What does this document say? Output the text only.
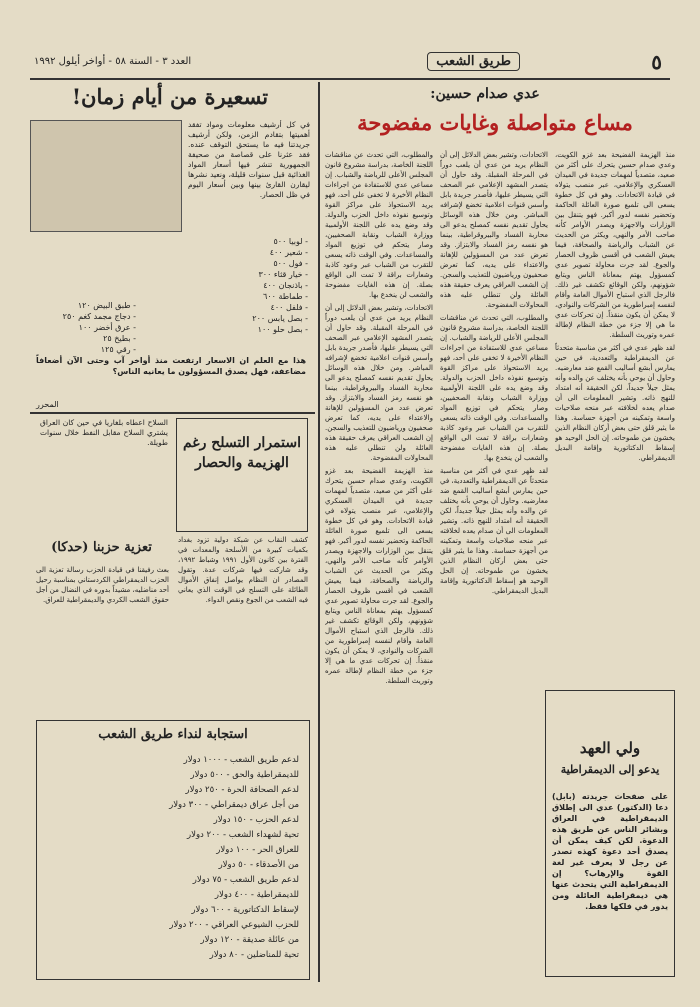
٥
طريق الشعب
العدد ٣ - السنة ٥٨ - أواخر أيلول ١٩٩٢
عدي صدام حسين:
مساع متواصلة وغايات مفضوحة

منذ الهزيمة الفضيحة بعد غزو الكويت، وعدي صدام حسين يتحرك على أكثر من صعيد، متصدياً لمهمات جديدة في الميدان العسكري والإعلامي، عبر منصب يتولاه في قيادة الاتحادات. وهو في كل خطوة يسعى الى تلميع صورة العائلة الحاكمة وتحضير نفسه لدور أكبر. فهو يتنقل بين الوزارات والاجهزة ويصدر الأوامر كأنه صاحب الأمر والنهي، ويكثر من الحديث عن الشباب والرياضة والصحافة، فيما يعيش الشعب في أقسى ظروف الحصار والجوع. لقد جرت محاولة تصوير عدي كمسؤول يهتم بمعاناة الناس ويتابع شؤونهم، ولكن الوقائع تكشف غير ذلك. فالرجل الذي استباح الأموال العامة وأقام لنفسه إمبراطورية من الشركات والنوادي، لا يمكن أن يكون منقذاً. إن تحركات عدي ما هي إلا جزء من خطة النظام لإطالة عمره وتوريث السلطة.

لقد ظهر عدي في أكثر من مناسبة متحدثاً عن الديمقراطية والتعددية، في حين يمارس أبشع أساليب القمع ضد معارضيه. وحاول أن يوحي بأنه يختلف عن والده وأنه يمثل جيلاً جديداً، لكن الحقيقة أنه امتداد للنهج ذاته. وتشير المعلومات الى أن صدام يعده لخلافته عبر منحه صلاحيات واسعة وتمكينه من أجهزة حساسة. وهذا ما يثير قلق حتى بعض أركان النظام الذين يخشون من طموحاته. إن الحل الوحيد هو إسقاط الدكتاتورية وإقامة البديل الديمقراطي.

الاتحادات، وتشير بعض الدلائل إلى أن النظام يريد من عدي أن يلعب دوراً في المرحلة المقبلة. وقد حاول أن يتصدر المشهد الإعلامي عبر الصحف التي يسيطر عليها، فأصدر جريدة بابل وأسس قنوات اعلامية تخضع لإشرافه المباشر. ومن خلال هذه الوسائل يحاول تقديم نفسه كمصلح يدعو الى محاربة الفساد والبيروقراطية، بينما هو نفسه رمز الفساد والابتزاز. وقد تعرض عدد من المسؤولين للإهانة والاعتداء على يديه، كما تعرض صحفيون ورياضيون للتعذيب والسجن. إن الشعب العراقي يعرف حقيقة هذه العائلة ولن تنطلي عليه هذه المحاولات المفضوحة.

والمطلوب، التي تحدث عن مناقشات اللجنة الخاصة، بدراسة مشروع قانون المجلس الأعلى للرياضة والشباب. إن مساعي عدي للاستفادة من اجراءات النظام الأخيرة لا تخفى على أحد، فهو يريد الاستحواذ على مراكز القوة وتوسيع نفوذه داخل الحزب والدولة. وقد وضع يده على اللجنة الأولمبية ووزارة الشباب ونقابة الصحفيين، وصار يتحكم في توزيع المواد والمساعدات. وفي الوقت ذاته يسعى للتقرب من الشباب عبر وعود كاذبة وشعارات براقة لا تمت الى الواقع بصلة. إن هذه الغايات مفضوحة والشعب لن ينخدع بها.

لقد ظهر عدي في أكثر من مناسبة متحدثاً عن الديمقراطية والتعددية، في حين يمارس أبشع أساليب القمع ضد معارضيه. وحاول أن يوحي بأنه يختلف عن والده وأنه يمثل جيلاً جديداً، لكن الحقيقة أنه امتداد للنهج ذاته. وتشير المعلومات الى أن صدام يعده لخلافته عبر منحه صلاحيات واسعة وتمكينه من أجهزة حساسة. وهذا ما يثير قلق حتى بعض أركان النظام الذين يخشون من طموحاته. إن الحل الوحيد هو إسقاط الدكتاتورية وإقامة البديل الديمقراطي.

والمطلوب، التي تحدث عن مناقشات اللجنة الخاصة، بدراسة مشروع قانون المجلس الأعلى للرياضة والشباب. إن مساعي عدي للاستفادة من اجراءات النظام الأخيرة لا تخفى على أحد، فهو يريد الاستحواذ على مراكز القوة وتوسيع نفوذه داخل الحزب والدولة. وقد وضع يده على اللجنة الأولمبية ووزارة الشباب ونقابة الصحفيين، وصار يتحكم في توزيع المواد والمساعدات. وفي الوقت ذاته يسعى للتقرب من الشباب عبر وعود كاذبة وشعارات براقة لا تمت الى الواقع بصلة. إن هذه الغايات مفضوحة والشعب لن ينخدع بها.

الاتحادات، وتشير بعض الدلائل إلى أن النظام يريد من عدي أن يلعب دوراً في المرحلة المقبلة. وقد حاول أن يتصدر المشهد الإعلامي عبر الصحف التي يسيطر عليها، فأصدر جريدة بابل وأسس قنوات اعلامية تخضع لإشرافه المباشر. ومن خلال هذه الوسائل يحاول تقديم نفسه كمصلح يدعو الى محاربة الفساد والبيروقراطية، بينما هو نفسه رمز الفساد والابتزاز. وقد تعرض عدد من المسؤولين للإهانة والاعتداء على يديه، كما تعرض صحفيون ورياضيون للتعذيب والسجن. إن الشعب العراقي يعرف حقيقة هذه العائلة ولن تنطلي عليه هذه المحاولات المفضوحة.

منذ الهزيمة الفضيحة بعد غزو الكويت، وعدي صدام حسين يتحرك على أكثر من صعيد، متصدياً لمهمات جديدة في الميدان العسكري والإعلامي، عبر منصب يتولاه في قيادة الاتحادات. وهو في كل خطوة يسعى الى تلميع صورة العائلة الحاكمة وتحضير نفسه لدور أكبر. فهو يتنقل بين الوزارات والاجهزة ويصدر الأوامر كأنه صاحب الأمر والنهي، ويكثر من الحديث عن الشباب والرياضة والصحافة، فيما يعيش الشعب في أقسى ظروف الحصار والجوع. لقد جرت محاولة تصوير عدي كمسؤول يهتم بمعاناة الناس ويتابع شؤونهم، ولكن الوقائع تكشف غير ذلك. فالرجل الذي استباح الأموال العامة وأقام لنفسه إمبراطورية من الشركات والنوادي، لا يمكن أن يكون منقذاً. إن تحركات عدي ما هي إلا جزء من خطة النظام لإطالة عمره وتوريث السلطة.

ولي العهد
يدعو إلى الديمقراطية
على صفحات جريدته (بابل) دعا (الدكتور) عدي الى إطلاق الديمقراطية في العراق وبشائر الناس عن طريق هذه الدعوة. لكن كيف يمكن أن يصدق أحد دعوة كهذه تصدر عن رجل لا يعرف غير لغة القوة والإرهاب؟ إن الديمقراطية التي يتحدث عنها هي ديمقراطية العائلة ومن يدور في فلكها فقط.
تسعيرة من أيام زمان!
في كل أرشيف معلومات ومواد تفقد أهميتها بتقادم الزمن، ولكن أرشيف جريدتنا فيه ما يستحق التوقف عنده. فقد عثرنا على قصاصة من صحيفة الجمهورية تنشر فيها أسعار المواد الغذائية قبل سنوات قليلة، ونعيد نشرها ليقارن القارئ بينها وبين أسعار اليوم في ظل الحصار.
- لوبيا ٥٠٠
- شعير ٤٠٠
- فول ٥٠٠
- خيار قثاء ٣٠٠
- باذنجان ٤٠٠
- طماطة ٦٠٠
- فلفل ٤٠٠
- بصل يابس ٢٠٠
- بصل حلو ١٠٠
- طبق البيض ١٢٠
- دجاج مجمد كغم ٢٥٠
- عرق أخضر ١٠٠
- بطيخ ٢٥
- رقي ١٢٥
هذا مع العلم ان الاسعار ارتفعت منذ أواخر آب وحتى الآن أضعافاً مضاعفة، فهل يصدق المسؤولون ما يعانيه الناس؟
المحرر
استمرار التسلح رغم الهزيمة والحصار
السلاح اعطاه بلغاريا في حين كان العراق يشتري السلاح مقابل النفط خلال سنوات طويلة.
كشف النقاب عن شبكة دولية تزود بغداد بكميات كبيرة من الأسلحة والمعدات في الفترة بين كانون الأول ١٩٩١ وشباط ١٩٩٢، وقد شاركت فيها شركات عدة. وتقول المصادر ان النظام يواصل إنفاق الأموال الطائلة على التسلح في الوقت الذي يعاني فيه الشعب من الجوع ونقص الدواء.
تعزية حزبنا (حدكا)
بعث رفيقنا في قيادة الحزب رسالة تعزية الى الحزب الديمقراطي الكردستاني بمناسبة رحيل أحد مناضليه، مشيداً بدوره في النضال من أجل حقوق الشعب الكردي والديمقراطية للعراق.
استجابة لنداء طريق الشعب
لدعم طريق الشعب - ١٠٠٠ دولار
للديمقراطية والحق - ٥٠٠ دولار
لدعم الصحافة الحرة - ٢٥٠ دولار
من أجل عراق ديمقراطي - ٣٠٠ دولار
لدعم الحزب - ١٥٠ دولار
تحية لشهداء الشعب - ٢٠٠ دولار
للعراق الحر - ١٠٠ دولار
من الأصدقاء - ٥٠ دولار
لدعم طريق الشعب - ٧٥ دولار
للديمقراطية - ٤٠٠ دولار
لإسقاط الدكتاتورية - ٦٠٠ دولار
للحزب الشيوعي العراقي - ٢٠٠ دولار
من عائلة صديقة - ١٢٠ دولار
تحية للمناضلين - ٨٠ دولار
